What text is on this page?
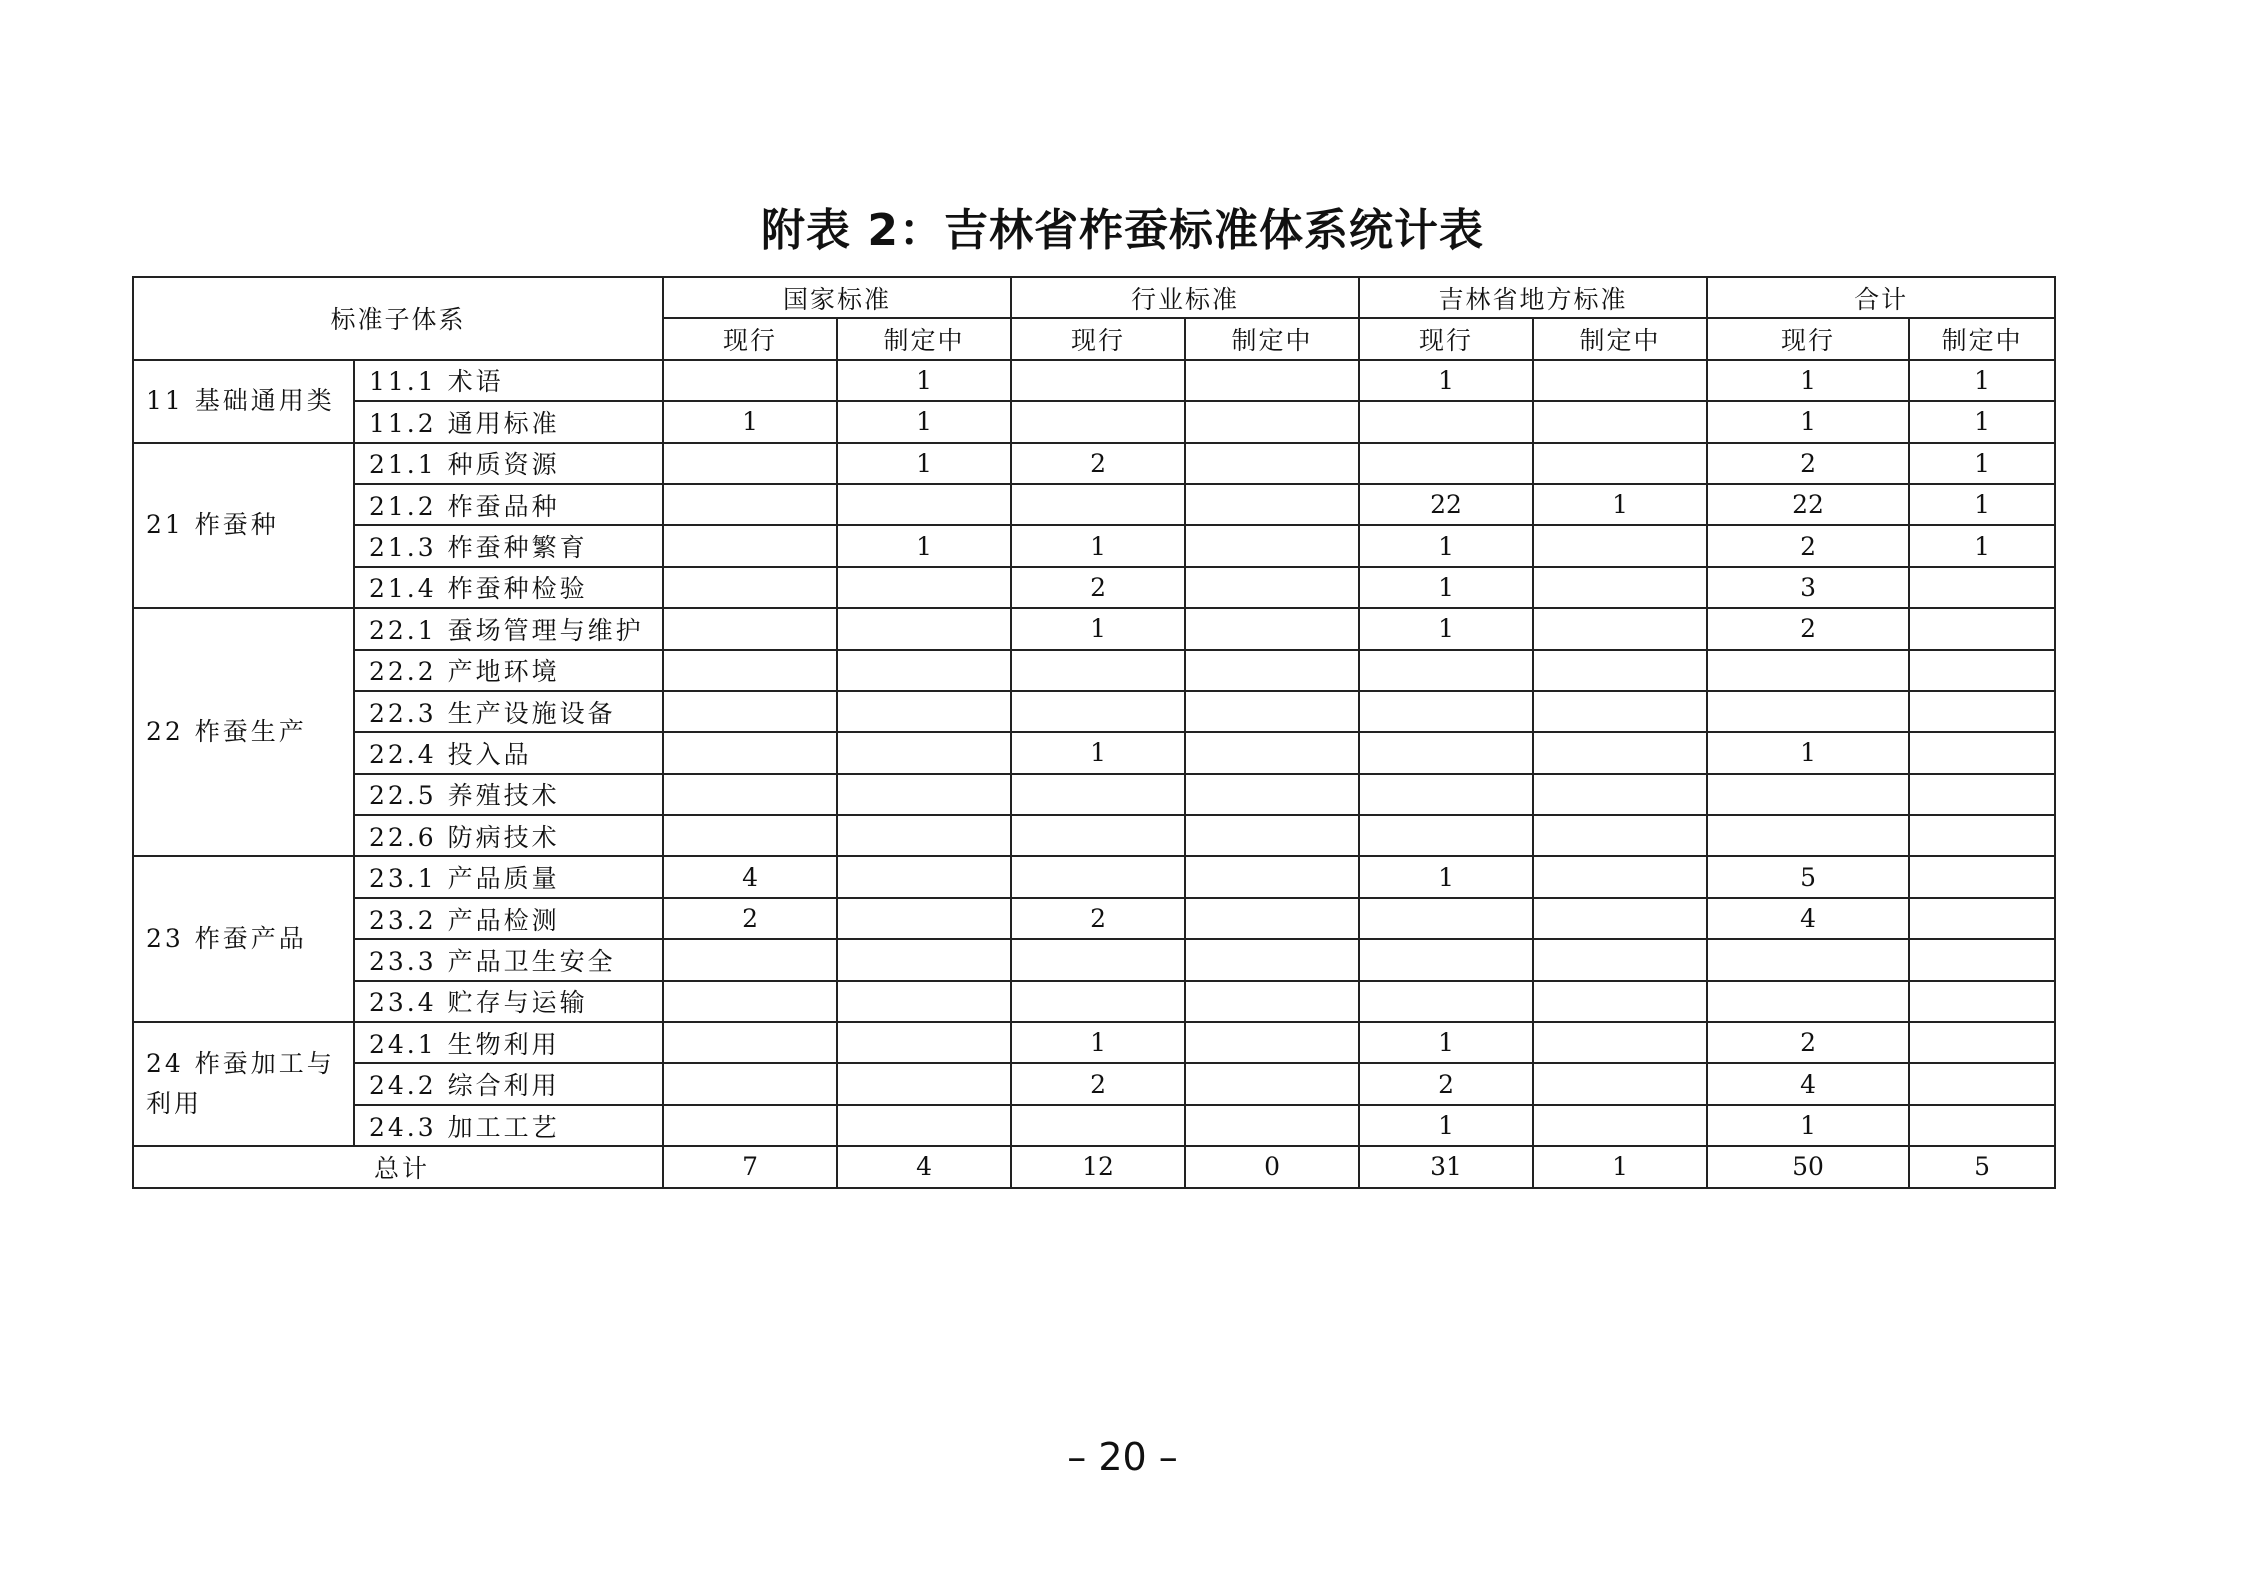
附表 2：吉林省柞蚕标准体系统计表
标准子体系		国家标准		行业标准		吉林省地方标准		合计	
		现行	制定中	现行	制定中	现行	制定中	现行	制定中
11 基础通用类	11.1 术语		1			1		1	1
	11.2 通用标准	1	1					1	1
21 柞蚕种	21.1 种质资源		1	2				2	1
	21.2 柞蚕品种					22	1	22	1
	21.3 柞蚕种繁育		1	1		1		2	1
	21.4 柞蚕种检验			2		1		3	
22 柞蚕生产	22.1 蚕场管理与维护			1		1		2	
	22.2 产地环境								
	22.3 生产设施设备								
	22.4 投入品			1				1	
	22.5 养殖技术								
	22.6 防病技术								
23 柞蚕产品	23.1 产品质量	4				1		5	
	23.2 产品检测	2		2				4	
	23.3 产品卫生安全								
	23.4 贮存与运输								
24 柞蚕加工与利用	24.1 生物利用			1		1		2	
	24.2 综合利用			2		2		4	
	24.3 加工工艺					1		1	
总计		7	4	12	0	31	1	50	5
– 20 –
